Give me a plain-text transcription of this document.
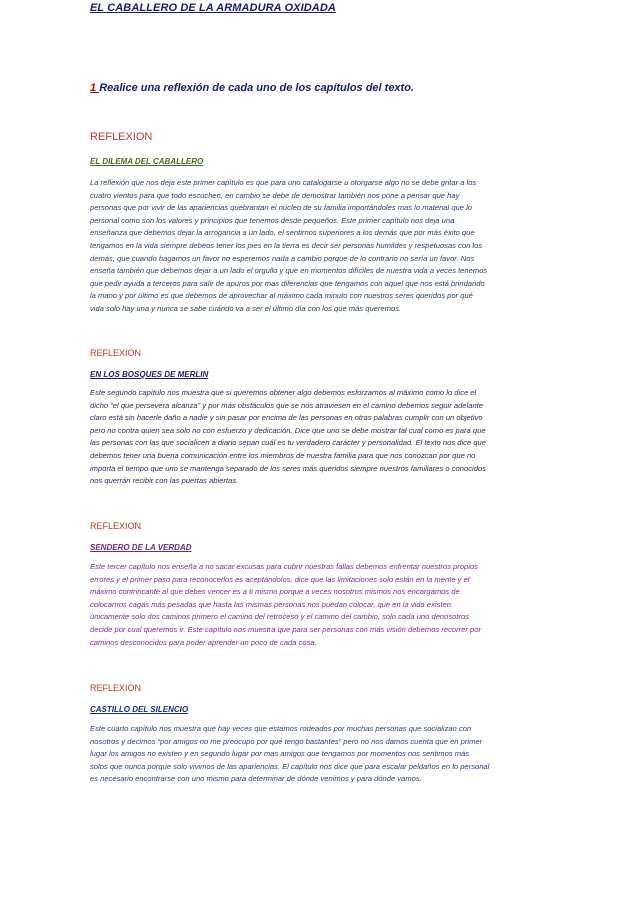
EL CABALLERO DE LA ARMADURA OXIDADA
1 Realice una reflexión de cada uno de los capítulos del texto.
REFLEXION
EL DILEMA DEL CABALLERO
La reflexión que nos deja este primer capítulo es que para uno catalogarse u otorgarse algo no se debe gritar a los
cuatro vientos para que todo escuchen, en cambio se debe de demostrar también nos pone a pensar que hay
personas que por vivir de las apariencias quebrantan el núcleo de su familia importándoles mas lo material que lo
personal como son los valores y principios que tenemos desde pequeños. Este primer capítulo nos deja una
enseñanza que debemos dejar la arrogancia a un lado, el sentirnos superiores a los demás que por más éxito que
tengamos en la vida siempre debeos tener los pies en la tierra es decir ser personas humildes y respetuosas con los
demás, que cuando hagamos un favor no esperemos nada a cambio porque de lo contrario no sería un favor. Nos
enseña también que debemos dejar a un lado el orgullo y que en momentos difíciles de nuestra vida a veces tenemos
que pedir ayuda a terceros para salir de apuros por mas diferencias que tengamos con aquel que nos está brindando
la mano y por último es que debemos de aprovechar al máximo cada minuto con nuestros seres queridos por qué
vida solo hay una y nunca se sabe cuándo va a ser el último día con los que más queremos.
REFLEXION
EN LOS BOSQUES DE MERLIN
Este segundo capítulo nos muestra que si queremos obtener algo debemos esforzarnos al máximo como lo dice el
dicho “el que persevera alcanza” y por más obstáculos que se nos atraviesen en el camino debemos seguir adelante
claro está sin hacerle daño a nadie y sin pasar por encima de las personas en otras palabras cumplir con un objetivo
pero no contra quien sea solo no con esfuerzo y dedicación. Dice que uno se debe mostrar tal cual como es para que
las personas con las que socialicen a diario sepan cuál es tu verdadero carácter y personalidad. El texto nos dice que
debemos tener una buena comunicación entre los miembros de nuestra familia para que nos conozcan por que no
importa el tiempo que uno se mantenga separado de los seres más queridos siempre nuestros familiares o conocidos
nos querrán recibir con las puertas abiertas.
REFLEXION
SENDERO DE LA VERDAD
Este tercer capítulo nos enseña a no sacar excusas para cubrir nuestras fallas debemos enfrentar nuestros propios
errores y el primer paso para reconocerlos es aceptándolos, dice que las limitaciones solo están en la mente y el
máximo contrincante al que debes vencer es a ti mismo porque a veces nosotros mismos nos encargamos de
colocarnos cagas más pesadas que hasta las mismas personas nos puedan colocar, que en la vida existen
únicamente solo dos caminos primero el camino del retroceso y el camino del cambio, solo cada uno denosotros
decide por cual queremos ir. Este capítulo nos muestra que para ser personas con más visión debemos recorrer por
caminos desconocidos para poder aprender un poco de cada cosa.
REFLEXION
CASTILLO DEL SILENCIO
Este cuarto capítulo nos muestra que hay veces que estamos rodeados por muchas personas que socializan con
nosotros y decimos “por amigos no me preocupo por qué tengo bastantes” pero no nos damos cuenta que en primer
lugar los amigos no existen y en segundo lugar por mas amigos que tengamos por momentos nos sentimos más
solos que nunca porque solo vivimos de las apariencias. El capítulo nos dice que para escalar peldaños en lo personal
es necesario encontrarse con uno mismo para determinar de dónde venimos y para dónde vamos.
